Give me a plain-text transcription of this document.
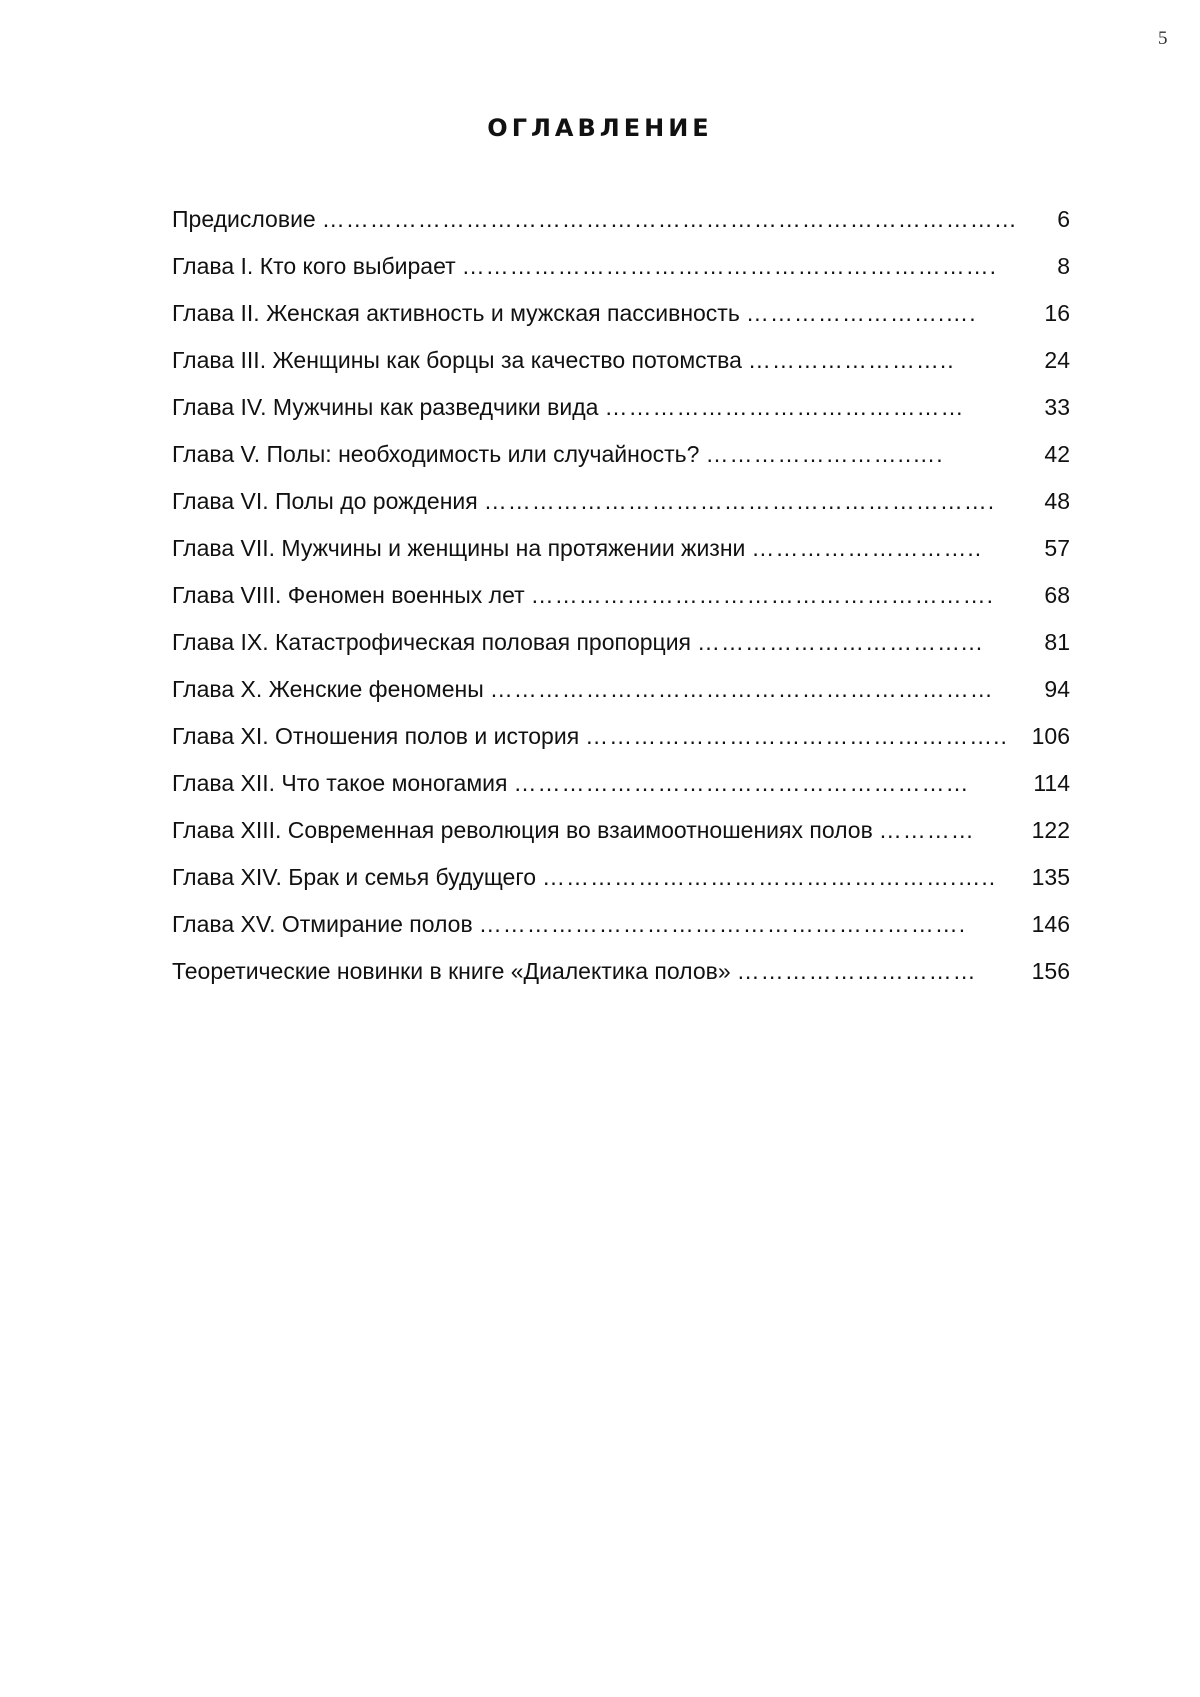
5
ОГЛАВЛЕНИЕ
Предисловие ……………………………………………………………………………	6
Глава I. Кто кого выбирает ………………………………………………………….	8
Глава II. Женская активность и мужская пассивность …………………….….	16
Глава III. Женщины как борцы за качество потомства ……………………..	24
Глава IV. Мужчины как разведчики вида ………………………………………	33
Глава V. Полы: необходимость или случайность? ……………………..….	42
Глава VI. Полы до рождения ……………………………………………………….	48
Глава VII. Мужчины и женщины на протяжении жизни ………………………..	57
Глава VIII. Феномен военных лет ………………………………………………….	68
Глава IX. Катастрофическая половая пропорция ……………………………...	81
Глава X. Женские феномены ………………………………………………………	94
Глава XI. Отношения полов и история ……………………………………………..	106
Глава XII. Что такое моногамия …………………………………………………	114
Глава XIII. Современная революция во взаимоотношениях полов …………	122
Глава XIV. Брак и семья будущего …………………………………………….…..	135
Глава XV. Отмирание полов …………………………………………………….	146
Теоретические новинки в книге «Диалектика полов» …………………………	156
